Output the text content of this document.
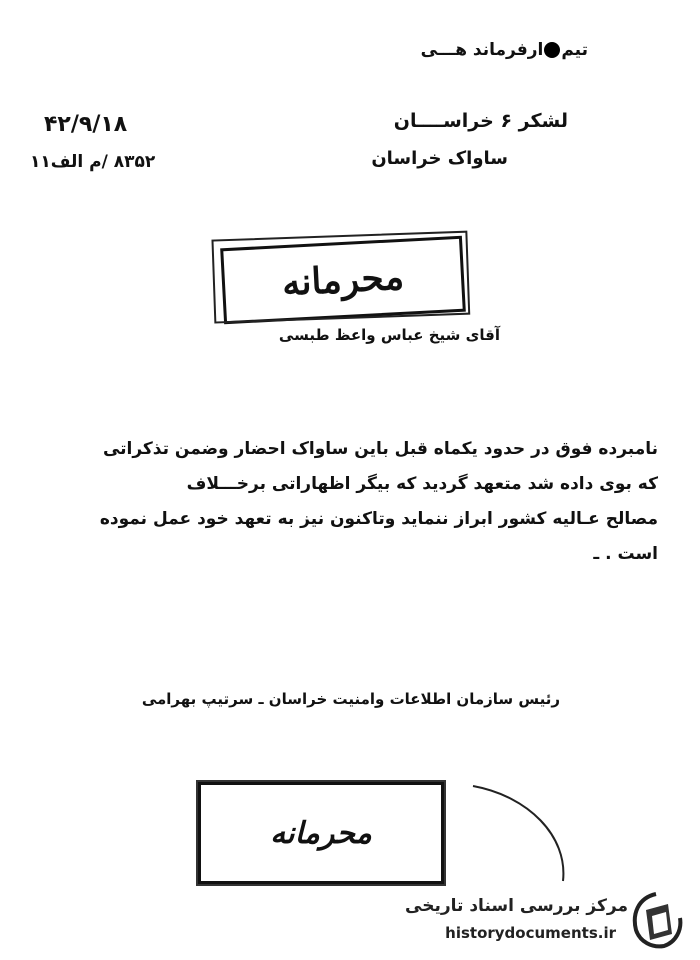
تیمارفرماند هـــی
۴۲/۹/۱۸
۸۳۵۲ /م الف۱۱
لشکر ۶ خراســــان
ساواک خراسان
محرمانه
آقای شیخ عباس واعظ طبسی

نامبرده فوق در حدود یکماه قبل باین ساواک احضار وضمن تذکراتی

که بوی داده شد متعهد گردید که بیگر اظهاراتی برخـــلاف

مصالح عـالیه کشور ابراز ننماید وتاکنون نیز به تعهد خود عمل نموده

است . ـ

رئیس سازمان اطلاعات وامنیت خراسان ـ سرتیپ بهرامی
محرمانه
مرکز بررسی اسناد تاریخی
historydocuments.ir
